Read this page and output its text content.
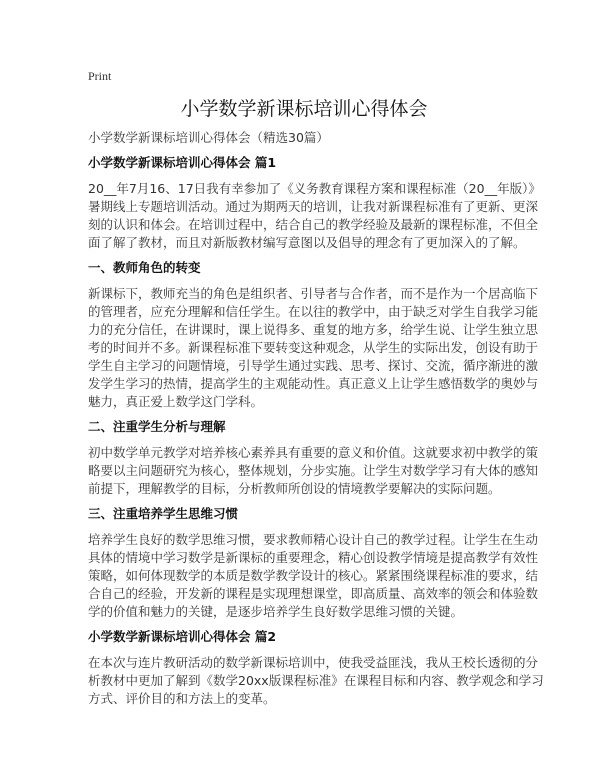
Print
小学数学新课标培训心得体会
小学数学新课标培训心得体会（精选30篇）
小学数学新课标培训心得体会 篇1
20__年7月16、17日我有幸参加了《义务教育课程方案和课程标准（20__年版）》
暑期线上专题培训活动。通过为期两天的培训，让我对新课程标准有了更新、更深
刻的认识和体会。在培训过程中，结合自己的教学经验及最新的课程标准，不但全
面了解了教材，而且对新版教材编写意图以及倡导的理念有了更加深入的了解。
一、教师角色的转变
新课标下，教师充当的角色是组织者、引导者与合作者，而不是作为一个居高临下
的管理者，应充分理解和信任学生。在以往的教学中，由于缺乏对学生自我学习能
力的充分信任，在讲课时，课上说得多、重复的地方多，给学生说、让学生独立思
考的时间并不多。新课程标准下要转变这种观念，从学生的实际出发，创设有助于
学生自主学习的问题情境，引导学生通过实践、思考、探讨、交流，循序渐进的激
发学生学习的热情，提高学生的主观能动性。真正意义上让学生感悟数学的奥妙与
魅力，真正爱上数学这门学科。
二、注重学生分析与理解
初中数学单元教学对培养核心素养具有重要的意义和价值。这就要求初中教学的策
略要以主问题研究为核心，整体规划，分步实施。让学生对数学学习有大体的感知
前提下，理解教学的目标，分析教师所创设的情境教学要解决的实际问题。
三、注重培养学生思维习惯
培养学生良好的数学思维习惯，要求教师精心设计自己的教学过程。让学生在生动
具体的情境中学习数学是新课标的重要理念，精心创设教学情境是提高教学有效性
策略，如何体现数学的本质是数学教学设计的核心。紧紧围绕课程标准的要求，结
合自己的经验，开发新的课程是实现理想课堂，即高质量、高效率的领会和体验数
学的价值和魅力的关键，是逐步培养学生良好数学思维习惯的关键。
小学数学新课标培训心得体会 篇2
在本次与连片教研活动的数学新课标培训中，使我受益匪浅，我从王校长透彻的分
析教材中更加了解到《数学20xx版课程标准》在课程目标和内容、教学观念和学习
方式、评价目的和方法上的变革。
